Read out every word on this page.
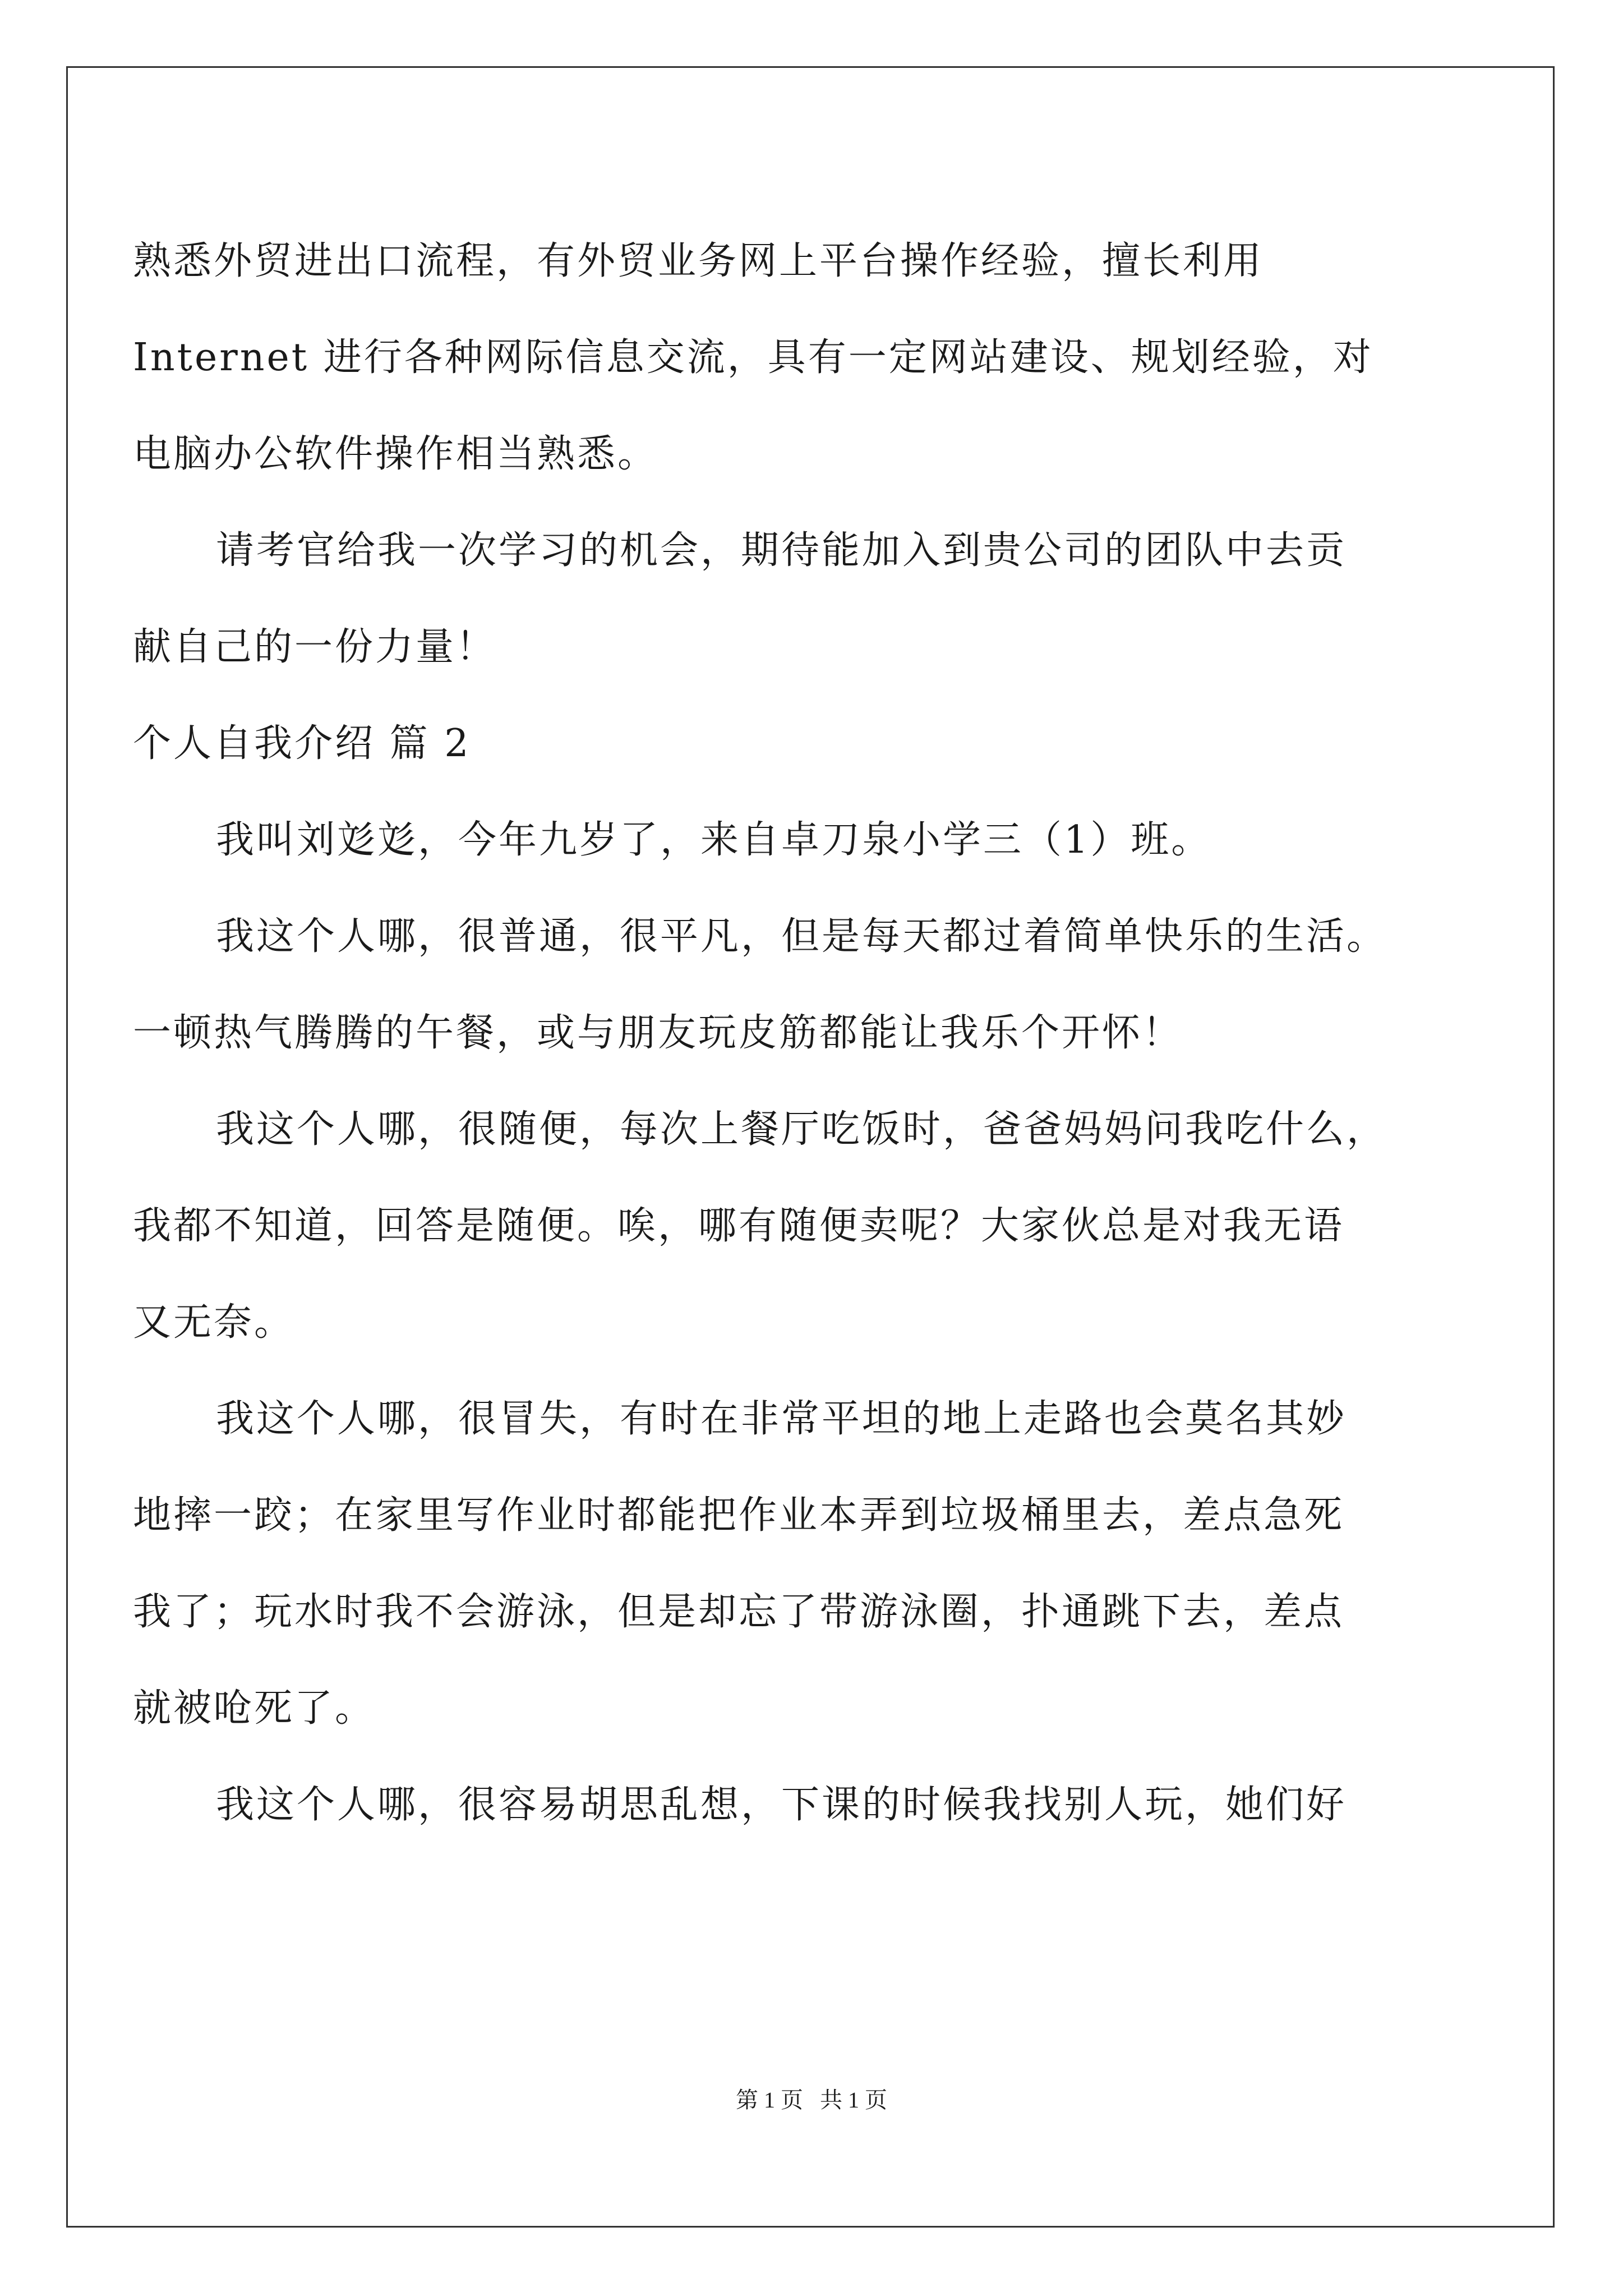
熟悉外贸进出口流程，有外贸业务网上平台操作经验，擅长利用
Internet 进行各种网际信息交流，具有一定网站建设、规划经验，对
电脑办公软件操作相当熟悉。
请考官给我一次学习的机会，期待能加入到贵公司的团队中去贡
献自己的一份力量！
个人自我介绍 篇 2
我叫刘彣彣，今年九岁了，来自卓刀泉小学三（1）班。
我这个人哪，很普通，很平凡，但是每天都过着简单快乐的生活。
一顿热气腾腾的午餐，或与朋友玩皮筋都能让我乐个开怀！
我这个人哪，很随便，每次上餐厅吃饭时，爸爸妈妈问我吃什么，
我都不知道，回答是随便。唉，哪有随便卖呢？大家伙总是对我无语
又无奈。
我这个人哪，很冒失，有时在非常平坦的地上走路也会莫名其妙
地摔一跤；在家里写作业时都能把作业本弄到垃圾桶里去，差点急死
我了；玩水时我不会游泳，但是却忘了带游泳圈，扑通跳下去，差点
就被呛死了。
我这个人哪，很容易胡思乱想，下课的时候我找别人玩，她们好
第 1 页   共 1 页
